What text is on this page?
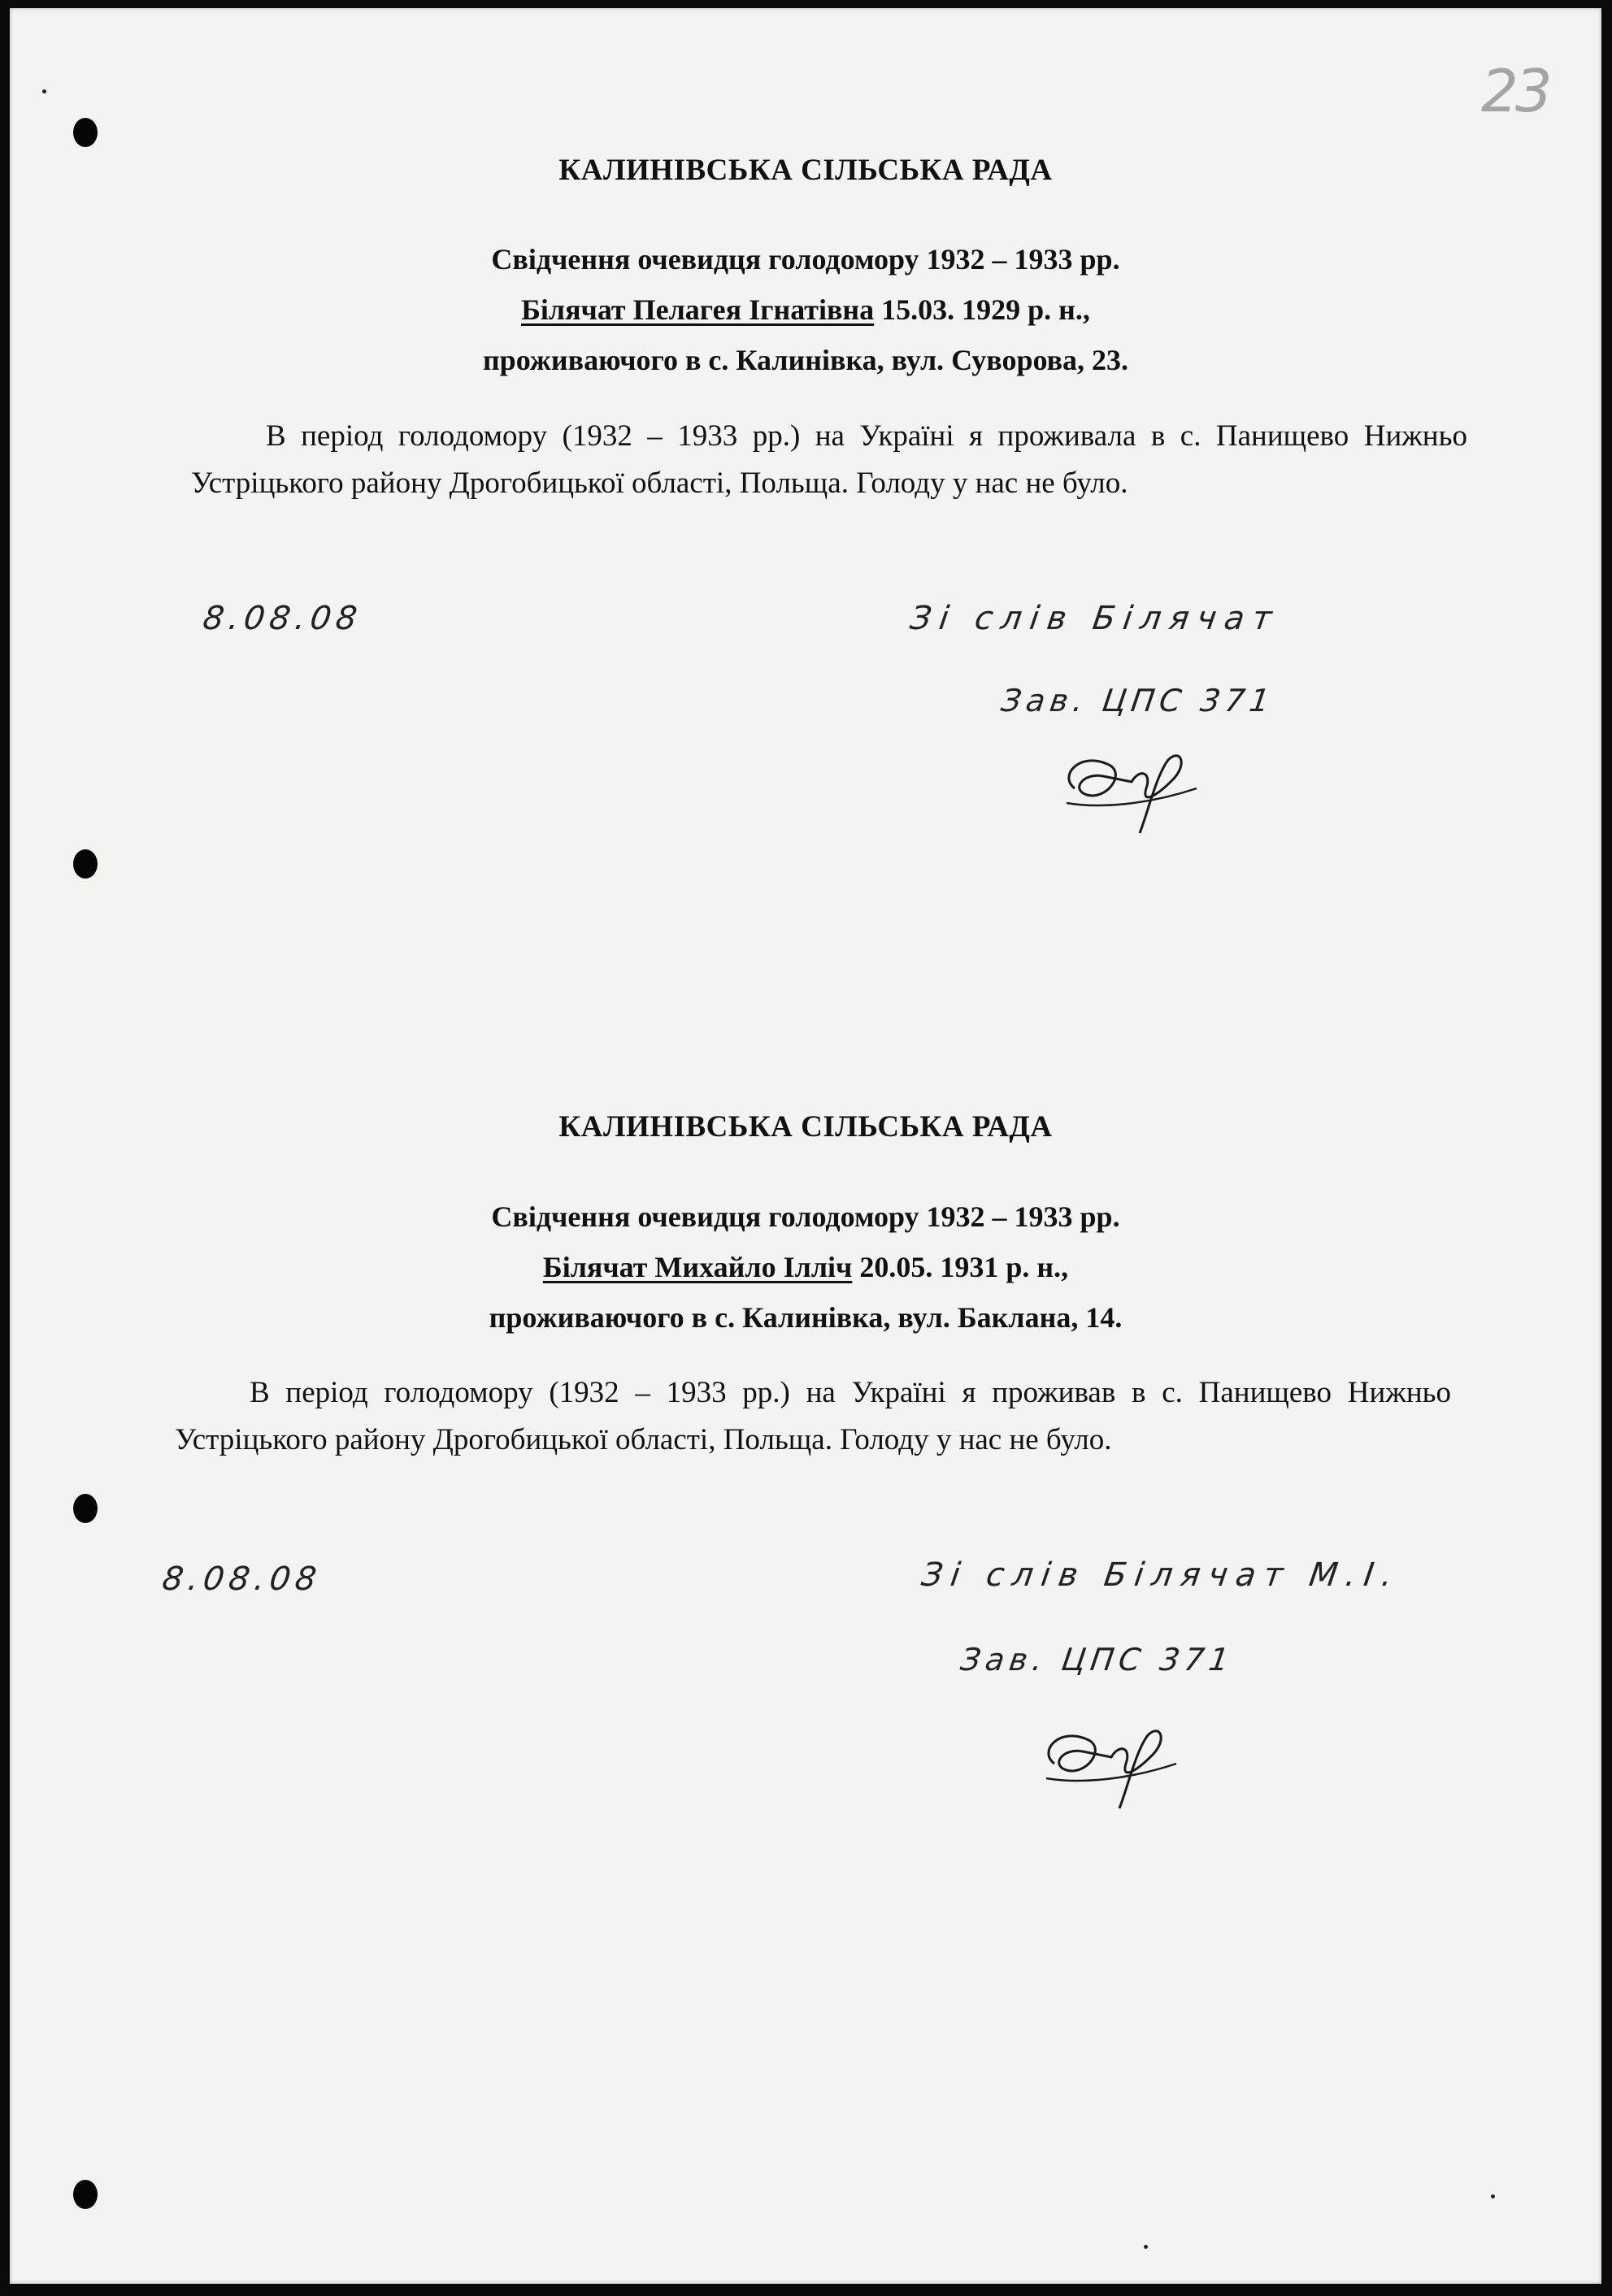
23
КАЛИНІВСЬКА СІЛЬСЬКА РАДА
Свідчення очевидця голодомору 1932 – 1933 рр.
Білячат Пелагея Ігнатівна 15.03. 1929 р. н.,
проживаючого в с. Калинівка, вул. Суворова, 23.
В період голодомору (1932 – 1933 рр.) на Україні я проживала в с. Панищево Нижньо Устріцького району Дрогобицької області, Польща. Голоду у нас не було.
8.08.08	Зі слів Білячат
Зав. ЦПС 371
КАЛИНІВСЬКА СІЛЬСЬКА РАДА
Свідчення очевидця голодомору 1932 – 1933 рр.
Білячат Михайло Ілліч 20.05. 1931 р. н.,
проживаючого в с. Калинівка, вул. Баклана, 14.
В період голодомору (1932 – 1933 рр.) на Україні я проживав в с. Панищево Нижньо Устріцького району Дрогобицької області, Польща. Голоду у нас не було.
8.08.08	Зі слів Білячат М.І.
Зав. ЦПС 371
